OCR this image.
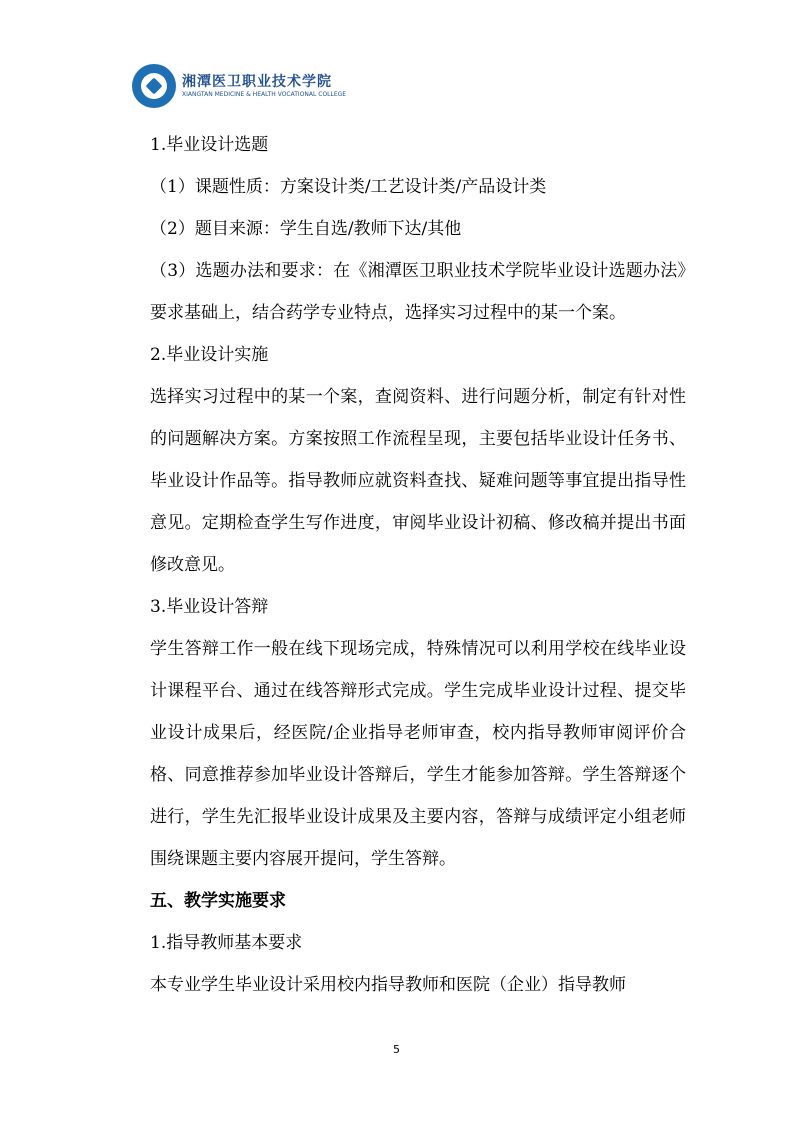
湘潭医卫职业技术学院
XIANGTAN MEDICINE & HEALTH VOCATIONAL COLLEGE

1.毕业设计选题

（1）课题性质：方案设计类/工艺设计类/产品设计类

（2）题目来源：学生自选/教师下达/其他

（3）选题办法和要求：在《湘潭医卫职业技术学院毕业设计选题办法》要求基础上，结合药学专业特点，选择实习过程中的某一个案。

2.毕业设计实施

选择实习过程中的某一个案，查阅资料、进行问题分析，制定有针对性的问题解决方案。方案按照工作流程呈现，主要包括毕业设计任务书、毕业设计作品等。指导教师应就资料查找、疑难问题等事宜提出指导性意见。定期检查学生写作进度，审阅毕业设计初稿、修改稿并提出书面修改意见。

3.毕业设计答辩

学生答辩工作一般在线下现场完成，特殊情况可以利用学校在线毕业设计课程平台、通过在线答辩形式完成。学生完成毕业设计过程、提交毕业设计成果后，经医院/企业指导老师审查，校内指导教师审阅评价合格、同意推荐参加毕业设计答辩后，学生才能参加答辩。学生答辩逐个进行，学生先汇报毕业设计成果及主要内容，答辩与成绩评定小组老师围绕课题主要内容展开提问，学生答辩。

五、教学实施要求

1.指导教师基本要求

本专业学生毕业设计采用校内指导教师和医院（企业）指导教师

5
